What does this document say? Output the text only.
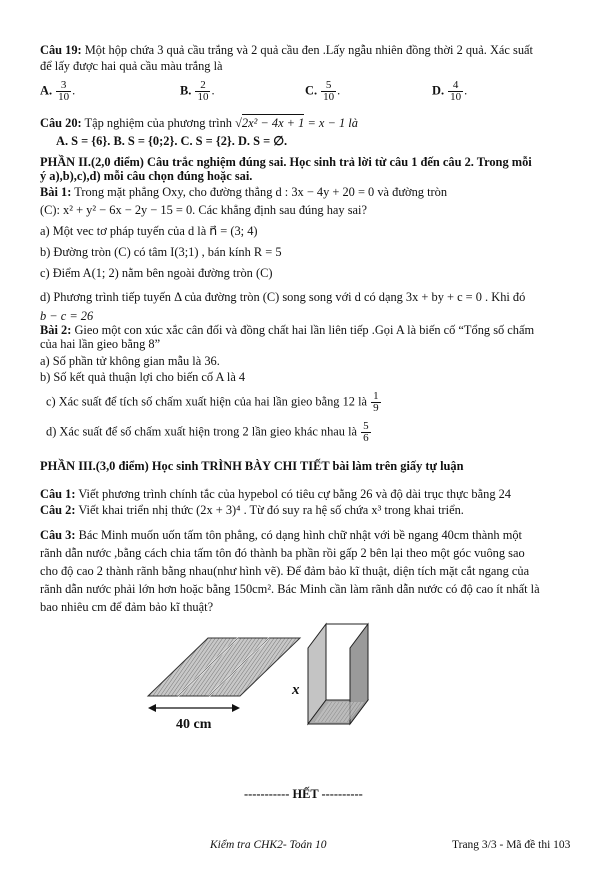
Câu 19: Một hộp chứa 3 quả cầu trắng và 2 quả cầu đen .Lấy ngẫu nhiên đồng thời 2 quả. Xác suất
để lấy được hai quả cầu màu trắng là
A. $\frac{3}{10}$ .	B. $\frac{2}{10}$ .	C. $\frac{5}{10}$ .	D. $\frac{4}{10}$ .
Câu 20: Tập nghiệm của phương trình √2x² − 4x + 1 = x − 1 là
A. S = {6}. B. S = {0;2}. C. S = {2}. D. S = ∅.
PHẦN II.(2,0 điểm) Câu trắc nghiệm đúng sai. Học sinh trả lời từ câu 1 đến câu 2. Trong mỗi
ý a),b),c),d) mỗi câu chọn đúng hoặc sai.
Bài 1: Trong mặt phẳng Oxy, cho đường thẳng d : 3x − 4y + 20 = 0 và đường tròn
(C): x² + y² − 6x − 2y − 15 = 0. Các khẳng định sau đúng hay sai?
a) Một vec tơ pháp tuyến của d là n⃗ = (3; 4)
b) Đường tròn (C) có tâm I(3;1) , bán kính R = 5
c) Điểm A(1; 2) nằm bên ngoài đường tròn (C)
d) Phương trình tiếp tuyến Δ của đường tròn (C) song song với d có dạng 3x + by + c = 0 . Khi đó
b − c = 26
Bài 2: Gieo một con xúc xắc cân đối và đồng chất hai lần liên tiếp .Gọi A là biến cố “Tổng số chấm
của hai lần gieo bằng 8”
a) Số phần tử không gian mẫu là 36.
b) Số kết quả thuận lợi cho biến cố A là 4
c) Xác suất để tích số chấm xuất hiện của hai lần gieo bằng 12 là $\frac{1}{9}$
d) Xác suất để số chấm xuất hiện trong 2 lần gieo khác nhau là $\frac{5}{6}$
PHẦN III.(3,0 điểm) Học sinh TRÌNH BÀY CHI TIẾT bài làm trên giấy tự luận
Câu 1: Viết phương trình chính tắc của hypebol có tiêu cự bằng 26 và độ dài trục thực bằng 24
Câu 2: Viết khai triển nhị thức (2x + 3)⁴ . Từ đó suy ra hệ số chứa x³ trong khai triển.
Câu 3: Bác Minh muốn uốn tấm tôn phẳng, có dạng hình chữ nhật với bề ngang 40cm thành một
rãnh dẫn nước ,bằng cách chia tấm tôn đó thành ba phần rồi gấp 2 bên lại theo một góc vuông sao
cho độ cao 2 thành rãnh bằng nhau(như hình vẽ). Để đảm bảo kĩ thuật, diện tích mặt cắt ngang của
rãnh dẫn nước phải lớn hơn hoặc bằng 150cm². Bác Minh cần làm rãnh dẫn nước có độ cao ít nhất là
bao nhiêu cm để đảm bảo kĩ thuật?
40 cm
x
----------- HẾT ----------
Kiểm tra CHK2- Toán 10	Trang 3/3 - Mã đề thi 103
